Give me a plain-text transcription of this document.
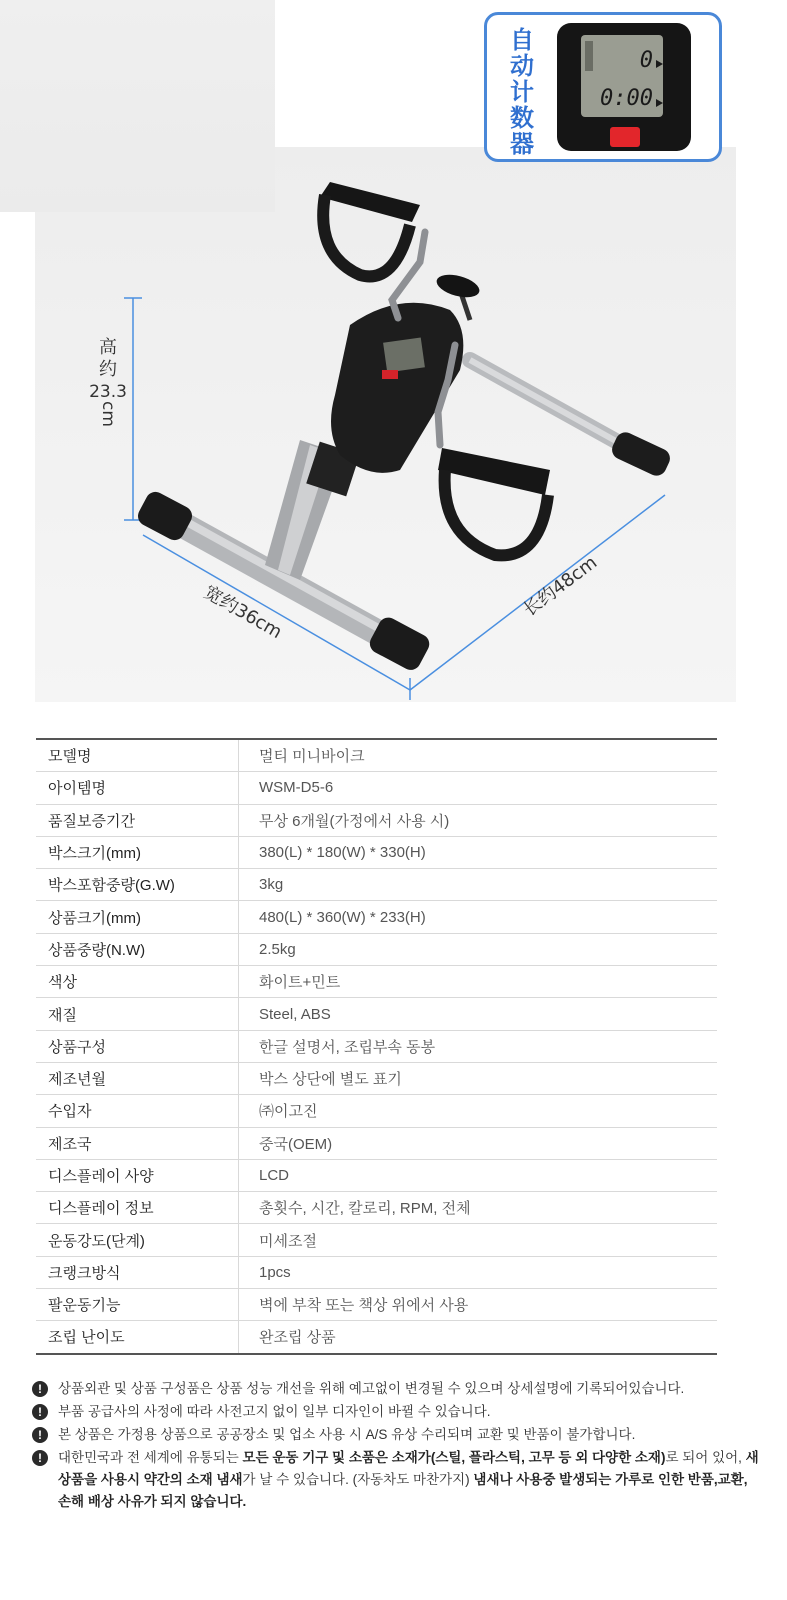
高
约
23.3
cm
宽约36cm	长约48cm
自动计数器
0
0:00
모델명	멀티 미니바이크
아이템명	WSM-D5-6
품질보증기간	무상 6개월(가정에서 사용 시)
박스크기(mm)	380(L) * 180(W) * 330(H)
박스포함중량(G.W)	3kg
상품크기(mm)	480(L) * 360(W) * 233(H)
상품중량(N.W)	2.5kg
색상	화이트+민트
재질	Steel, ABS
상품구성	한글 설명서, 조립부속 동봉
제조년월	박스 상단에 별도 표기
수입자	㈜이고진
제조국	중국(OEM)
디스플레이 사양	LCD
디스플레이 정보	총횟수, 시간, 칼로리, RPM, 전체
운동강도(단계)	미세조절
크랭크방식	1pcs
팔운동기능	벽에 부착 또는 책상 위에서 사용
조립 난이도	완조립 상품
!	상품외관 및 상품 구성품은 상품 성능 개선을 위해 예고없이 변경될 수 있으며 상세설명에 기록되어있습니다.
!	부품 공급사의 사정에 따라 사전고지 없이 일부 디자인이 바뀔 수 있습니다.
!	본 상품은 가정용 상품으로 공공장소 및 업소 사용 시 A/S 유상 수리되며 교환 및 반품이 불가합니다.
!	대한민국과 전 세계에 유통되는 모든 운동 기구 및 소품은 소재가(스틸, 플라스틱, 고무 등 외 다양한 소재)로 되어 있어, 새상품을 사용시 약간의 소재 냄새가 날 수 있습니다. (자동차도 마찬가지) 냄새나 사용중 발생되는 가루로 인한 반품,교환,손해 배상 사유가 되지 않습니다.
